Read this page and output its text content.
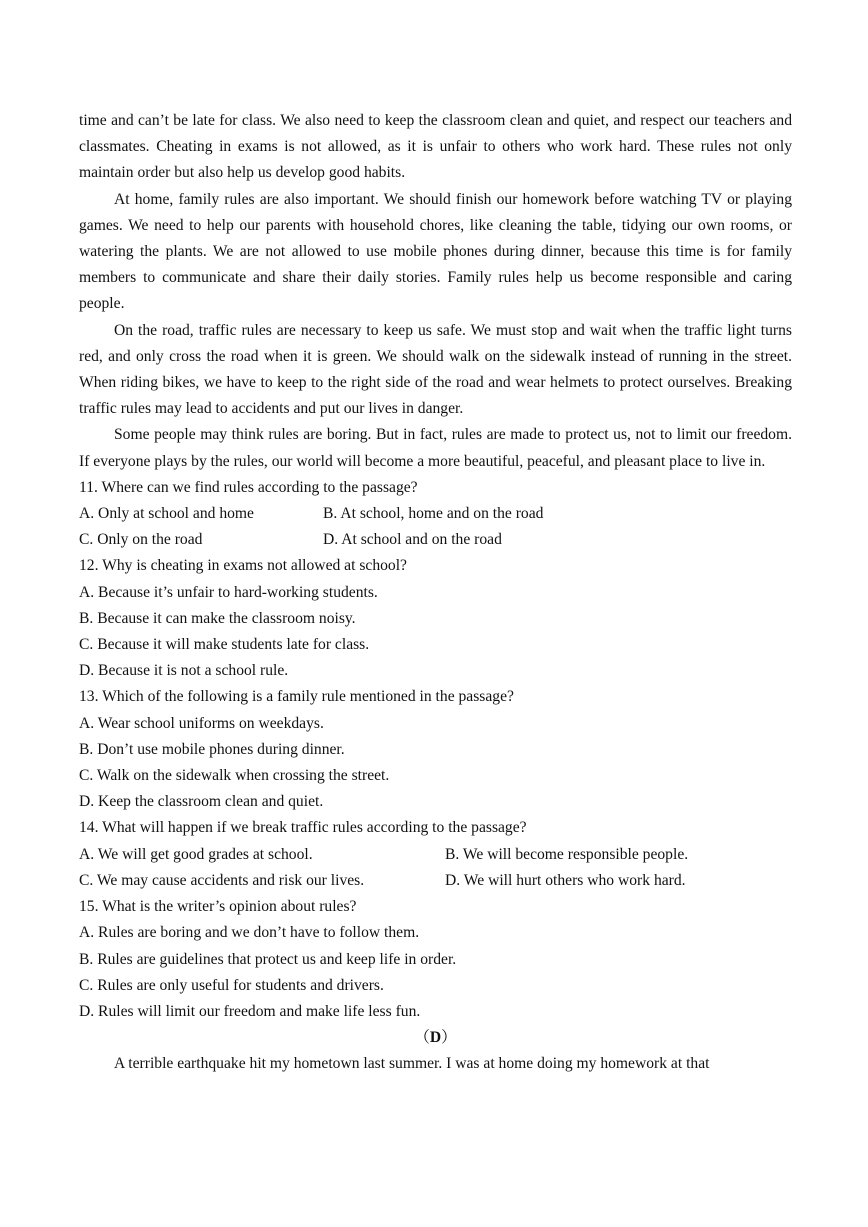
time and can’t be late for class. We also need to keep the classroom clean and quiet, and respect our teachers and classmates. Cheating in exams is not allowed, as it is unfair to others who work hard. These rules not only maintain order but also help us develop good habits.

At home, family rules are also important. We should finish our homework before watching TV or playing games. We need to help our parents with household chores, like cleaning the table, tidying our own rooms, or watering the plants. We are not allowed to use mobile phones during dinner, because this time is for family members to communicate and share their daily stories. Family rules help us become responsible and caring people.

On the road, traffic rules are necessary to keep us safe. We must stop and wait when the traffic light turns red, and only cross the road when it is green. We should walk on the sidewalk instead of running in the street. When riding bikes, we have to keep to the right side of the road and wear helmets to protect ourselves. Breaking traffic rules may lead to accidents and put our lives in danger.

Some people may think rules are boring. But in fact, rules are made to protect us, not to limit our freedom. If everyone plays by the rules, our world will become a more beautiful, peaceful, and pleasant place to live in.

11. Where can we find rules according to the passage?

A. Only at school and home	B. At school, home and on the road
C. Only on the road	D. At school and on the road

12. Why is cheating in exams not allowed at school?

A. Because it’s unfair to hard-working students.

B. Because it can make the classroom noisy.

C. Because it will make students late for class.

D. Because it is not a school rule.

13. Which of the following is a family rule mentioned in the passage?

A. Wear school uniforms on weekdays.

B. Don’t use mobile phones during dinner.

C. Walk on the sidewalk when crossing the street.

D. Keep the classroom clean and quiet.

14. What will happen if we break traffic rules according to the passage?

A. We will get good grades at school.	B. We will become responsible people.
C. We may cause accidents and risk our lives.	D. We will hurt others who work hard.

15. What is the writer’s opinion about rules?

A. Rules are boring and we don’t have to follow them.

B. Rules are guidelines that protect us and keep life in order.

C. Rules are only useful for students and drivers.

D. Rules will limit our freedom and make life less fun.

（D）

A terrible earthquake hit my hometown last summer. I was at home doing my homework at that
